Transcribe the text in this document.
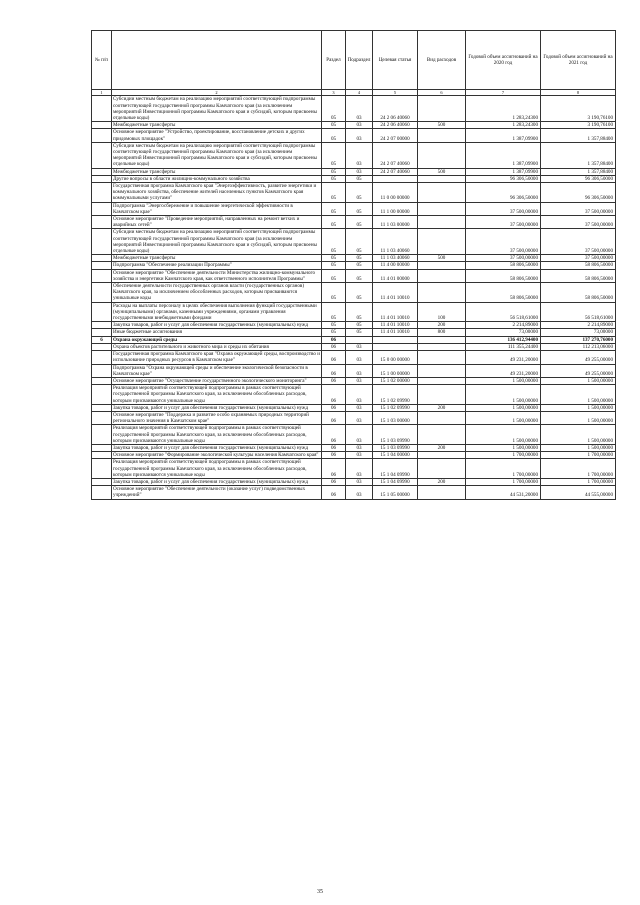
№ п/п		Раздел	Подраздел	Целевая статья	Вид расходов	Годовой объем ассигнований на 2020 год	Годовой объем ассигнований на 2021 год
1	2	3	4	5	6	7	8
	Субсидии местным бюджетам на реализацию мероприятий соответствующей подпрограммы соответствующей государственной программы Камчатского края (за исключением мероприятий Инвестиционной программы Камчатского края и субсидий, которым присвоены отдельные коды)	05	03	24 2 06 40060		1 283,24300	3 190,76100
	Межбюджетные трансферты	05	03	24 2 06 40060	500	1 283,24300	3 190,76100
	Основное мероприятие "Устройство, проектирование, восстановление детских и других придомовых площадок"	05	03	24 2 07 00000		1 387,09900	1 357,88400
	Субсидии местным бюджетам на реализацию мероприятий соответствующей подпрограммы соответствующей государственной программы Камчатского края (за исключением мероприятий Инвестиционной программы Камчатского края и субсидий, которым присвоены отдельные коды)	05	03	24 2 07 40060		1 387,09900	1 357,88400
	Межбюджетные трансферты	05	03	24 2 07 40060	500	1 387,09900	1 357,88400
	Другие вопросы в области жилищно-коммунального хозяйства	05	05			96 306,50000	96 306,50000
	Государственная программа Камчатского края "Энергоэффективность, развитие энергетики и коммунального хозяйства, обеспечение жителей населенных пунктов Камчатского края коммунальными услугами"	05	05	11 0 00 00000		96 306,50000	96 306,50000
	Подпрограмма "Энергосбережение и повышение энергетической эффективности в Камчатском крае"	05	05	11 1 00 00000		37 500,00000	37 500,00000
	Основное мероприятие "Проведение мероприятий, направленных на ремонт ветхих и аварийных сетей"	05	05	11 1 03 00000		37 500,00000	37 500,00000
	Субсидии местным бюджетам на реализацию мероприятий соответствующей подпрограммы соответствующей государственной программы Камчатского края (за исключением мероприятий Инвестиционной программы Камчатского края и субсидий, которым присвоены отдельные коды)	05	05	11 1 03 40060		37 500,00000	37 500,00000
	Межбюджетные трансферты	05	05	11 1 03 40060	500	37 500,00000	37 500,00000
	Подпрограмма "Обеспечение реализации Программы"	05	05	11 4 00 00000		58 806,50000	58 806,50000
	Основное мероприятие "Обеспечение деятельности Министерства жилищно-коммунального хозяйства и энергетики Камчатского края, как ответственного исполнителя Программы"	05	05	11 4 01 00000		58 806,50000	58 806,50000
	Обеспечение деятельности государственных органов власти (государственных органов) Камчатского края, за исключением обособленных расходов, которым присваиваются уникальные коды	05	05	11 4 01 10010		58 806,50000	58 806,50000
	Расходы на выплаты персоналу в целях обеспечения выполнения функций государственными (муниципальными) органами, казенными учреждениями, органами управления государственными внебюджетными фондами	05	05	11 4 01 10010	100	56 518,61000	56 518,61000
	Закупка товаров, работ и услуг для обеспечения государственных (муниципальных) нужд	05	05	11 4 01 10010	200	2 214,89000	2 214,89000
	Иные бюджетные ассигнования	05	05	11 4 01 10010	800	73,00000	73,00000
6	Охрана окружающей среды	06				136 412,94400	137 270,76000
	Охрана объектов растительного и животного мира и среды их обитания	06	03			111 355,24400	112 213,06000
	Государственная программа Камчатского края "Охрана окружающей среды, воспроизводство и использование природных ресурсов в Камчатском крае"	06	03	15 0 00 00000		49 231,20000	49 255,00000
	Подпрограмма "Охрана окружающей среды и обеспечение экологической безопасности в Камчатском крае"	06	03	15 1 00 00000		49 231,20000	49 255,00000
	Основное мероприятие "Осуществление государственного экологического мониторинга"	06	03	15 1 02 00000		1 500,00000	1 500,00000
	Реализация мероприятий соответствующей подпрограммы в рамках соответствующей государственной программы Камчатского края, за исключением обособленных расходов, которым присваиваются уникальные коды	06	03	15 1 02 09990		1 500,00000	1 500,00000
	Закупка товаров, работ и услуг для обеспечения государственных (муниципальных) нужд	06	03	15 1 02 09990	200	1 500,00000	1 500,00000
	Основное мероприятие "Поддержка и развитие особо охраняемых природных территорий регионального значения в Камчатском крае"	06	03	15 1 03 00000		1 500,00000	1 500,00000
	Реализация мероприятий соответствующей подпрограммы в рамках соответствующей государственной программы Камчатского края, за исключением обособленных расходов, которым присваиваются уникальные коды	06	03	15 1 03 09990		1 500,00000	1 500,00000
	Закупка товаров, работ и услуг для обеспечения государственных (муниципальных) нужд	06	03	15 1 03 09990	200	1 500,00000	1 500,00000
	Основное мероприятие "Формирование экологической культуры населения Камчатского края"	06	03	15 1 04 00000		1 700,00000	1 700,00000
	Реализация мероприятий соответствующей подпрограммы в рамках соответствующей государственной программы Камчатского края, за исключением обособленных расходов, которым присваиваются уникальные коды	06	03	15 1 04 09990		1 700,00000	1 700,00000
	Закупка товаров, работ и услуг для обеспечения государственных (муниципальных) нужд	06	03	15 1 04 09990	200	1 700,00000	1 700,00000
	Основное мероприятие "Обеспечение деятельности (оказание услуг) подведомственных учреждений"	06	03	15 1 05 00000		44 531,20000	44 555,00000
35
